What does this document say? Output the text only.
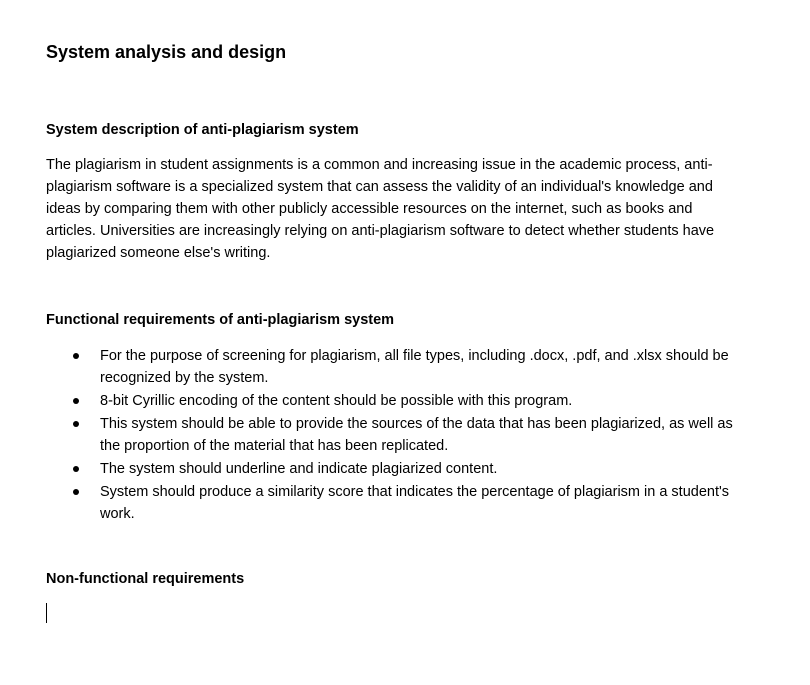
System analysis and design
System description of anti-plagiarism system

The plagiarism in student assignments is a common and increasing issue in the academic process, anti-plagiarism software is a specialized system that can assess the validity of an individual's knowledge and ideas by comparing them with other publicly accessible resources on the internet, such as books and articles. Universities are increasingly relying on anti-plagiarism software to detect whether students have plagiarized someone else's writing.

Functional requirements of anti-plagiarism system
For the purpose of screening for plagiarism, all file types, including .docx, .pdf, and .xlsx should be recognized by the system.
8-bit Cyrillic encoding of the content should be possible with this program.
This system should be able to provide the sources of the data that has been plagiarized, as well as the proportion of the material that has been replicated.
The system should underline and indicate plagiarized content.
System should produce a similarity score that indicates the percentage of plagiarism in a student's work.
Non-functional requirements
